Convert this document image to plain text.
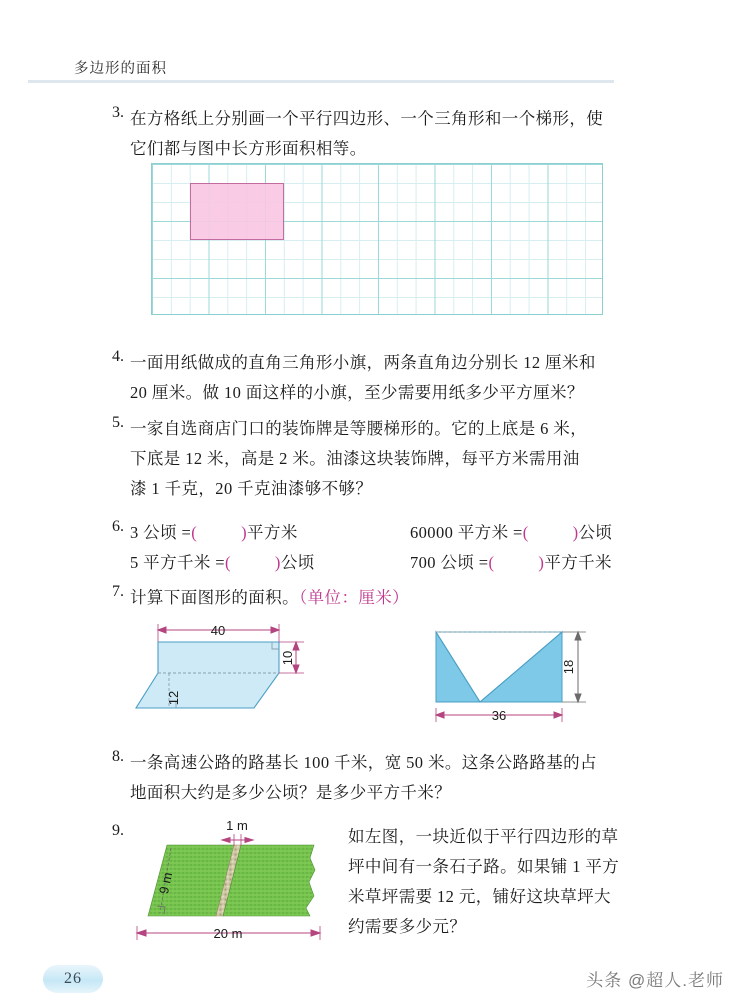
多边形的面积
3. 在方格纸上分别画一个平行四边形、一个三角形和一个梯形，使

它们都与图中长方形面积相等。

4. 一面用纸做成的直角三角形小旗，两条直角边分别长 12 厘米和

20 厘米。做 10 面这样的小旗，至少需要用纸多少平方厘米？

5. 一家自选商店门口的装饰牌是等腰梯形的。它的上底是 6 米，

下底是 12 米，高是 2 米。油漆这块装饰牌，每平方米需用油

漆 1 千克，20 千克油漆够不够？

6. 3 公顷 =(	)平方米	60000 平方米 =(	)公顷

5 平方千米 =(	)公顷	700 公顷 =(	)平方千米

7. 计算下面图形的面积。（单位：厘米）

40
12
10
18
36
8. 一条高速公路的路基长 100 千米，宽 50 米。这条公路路基的占

地面积大约是多少公顷？是多少平方千米？

9.	如左图，一块近似于平行四边形的草

坪中间有一条石子路。如果铺 1 平方

米草坪需要 12 元，铺好这块草坪大

约需要多少元？

9 m
20 m
1 m
26	头条 @超人.老师
